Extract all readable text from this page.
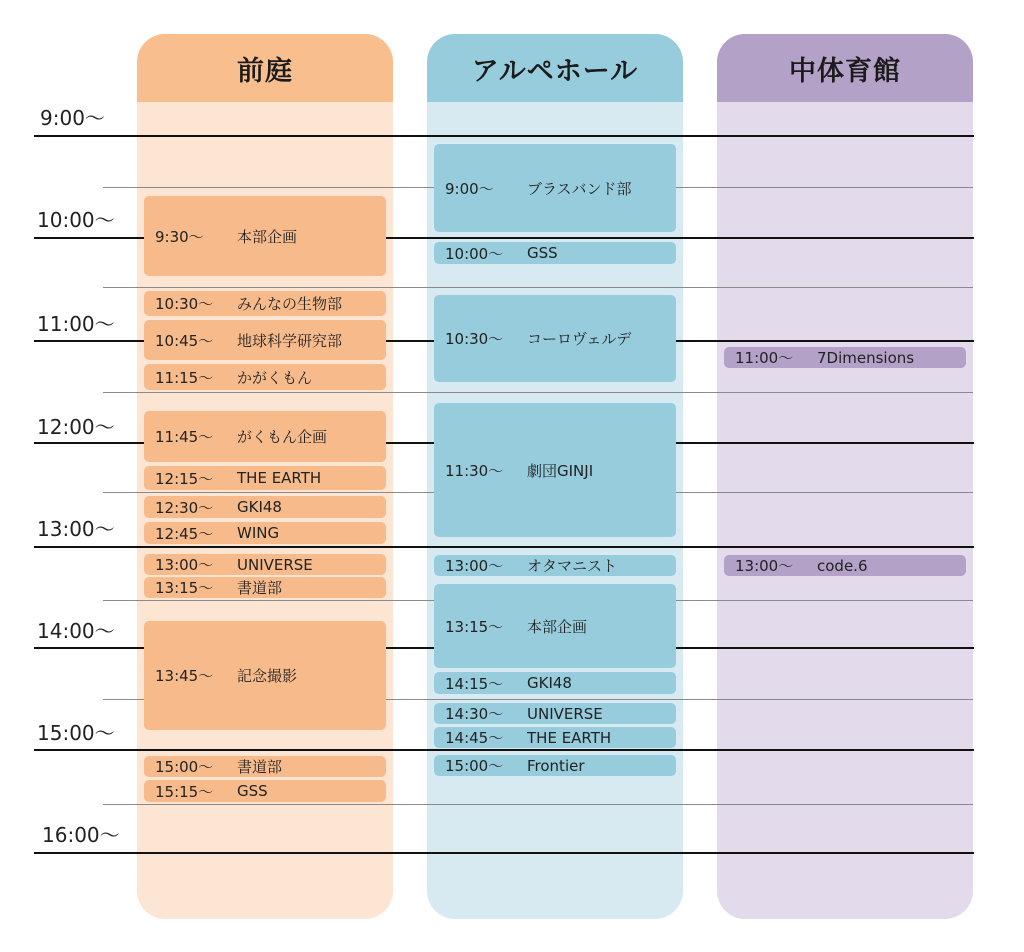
前庭	アルペホール	中体育館
9:00～
10:00～
11:00～
12:00～
13:00～
14:00～
15:00～
16:00～
9:30～	本部企画
10:30～	みんなの生物部
10:45～	地球科学研究部
11:15～	かがくもん
11:45～	がくもん企画
12:15～	THE EARTH
12:30～	GKI48
12:45～	WING
13:00～	UNIVERSE
13:15～	書道部
13:45～	記念撮影
15:00～	書道部
15:15～	GSS
9:00～	ブラスバンド部
10:00～	GSS
10:30～	コーロヴェルデ
11:30～	劇団GINJI
13:00～	オタマニスト
13:15～	本部企画
14:15～	GKI48
14:30～	UNIVERSE
14:45～	THE EARTH
15:00～	Frontier
11:00～	7Dimensions
13:00～	code.6
